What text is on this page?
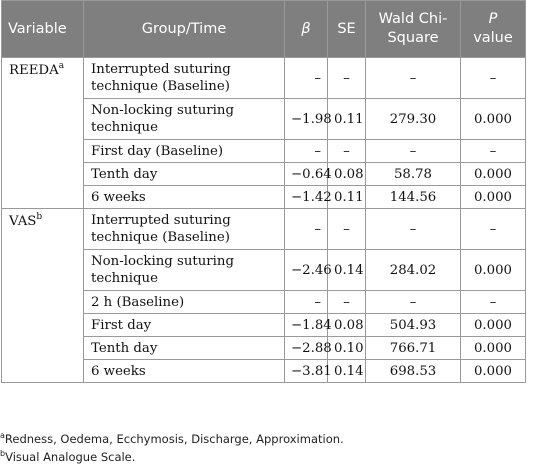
Variable	Group/Time	β	SE	Wald Chi-Square	P
value
REEDA$^a$	Interrupted suturing technique (Baseline)	–	–	–	–
	Non-locking suturing technique	−1.98	0.11	279.30	0.000
	First day (Baseline)	–	–	–	–
	Tenth day	−0.64	0.08	58.78	0.000
	6 weeks	−1.42	0.11	144.56	0.000
VAS$^b$	Interrupted suturing technique (Baseline)	–	–	–	–
	Non-locking suturing technique	−2.46	0.14	284.02	0.000
	2 h (Baseline)	–	–	–	–
	First day	−1.84	0.08	504.93	0.000
	Tenth day	−2.88	0.10	766.71	0.000
	6 weeks	−3.81	0.14	698.53	0.000
$^a$Redness, Oedema, Ecchymosis, Discharge, Approximation.
$^b$Visual Analogue Scale.
